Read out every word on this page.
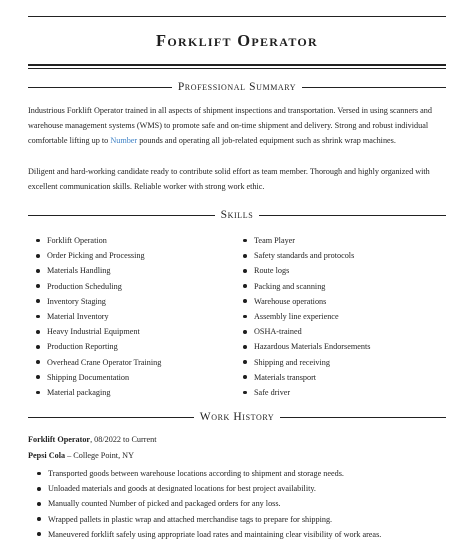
Forklift Operator
Professional Summary

Industrious Forklift Operator trained in all aspects of shipment inspections and transportation. Versed in using scanners and warehouse management systems (WMS) to promote safe and on-time shipment and delivery. Strong and robust individual comfortable lifting up to Number pounds and operating all job-related equipment such as shrink wrap machines.

Diligent and hard-working candidate ready to contribute solid effort as team member. Thorough and highly organized with excellent communication skills. Reliable worker with strong work ethic.

Skills
Forklift Operation
Order Picking and Processing
Materials Handling
Production Scheduling
Inventory Staging
Material Inventory
Heavy Industrial Equipment
Production Reporting
Overhead Crane Operator Training
Shipping Documentation
Material packaging
Team Player
Safety standards and protocols
Route logs
Packing and scanning
Warehouse operations
Assembly line experience
OSHA-trained
Hazardous Materials Endorsements
Shipping and receiving
Materials transport
Safe driver
Work History
Forklift Operator, 08/2022 to Current
Pepsi Cola – College Point, NY
Transported goods between warehouse locations according to shipment and storage needs.
Unloaded materials and goods at designated locations for best project availability.
Manually counted Number of picked and packaged orders for any loss.
Wrapped pallets in plastic wrap and attached merchandise tags to prepare for shipping.
Maneuvered forklift safely using appropriate load rates and maintaining clear visibility of work areas.
